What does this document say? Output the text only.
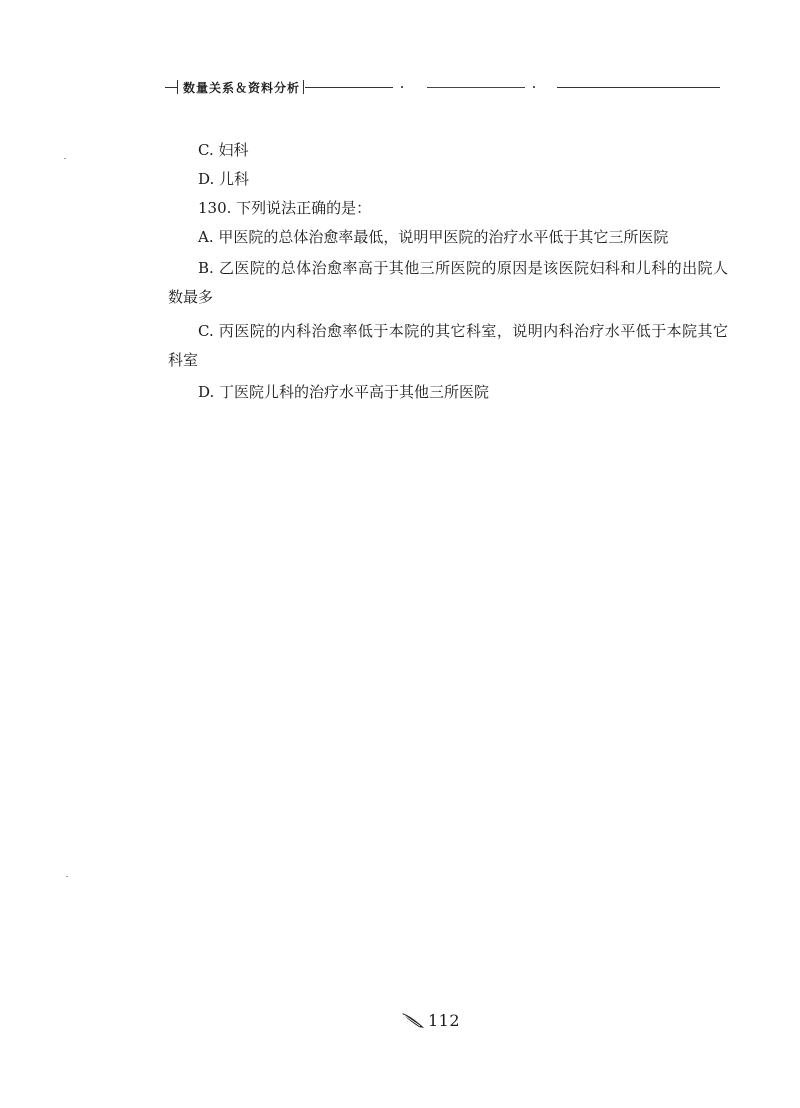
数量关系＆资料分析

C. 妇科

D. 儿科

130. 下列说法正确的是：

A. 甲医院的总体治愈率最低，说明甲医院的治疗水平低于其它三所医院

B. 乙医院的总体治愈率高于其他三所医院的原因是该医院妇科和儿科的出院人数最多

C. 丙医院的内科治愈率低于本院的其它科室，说明内科治疗水平低于本院其它科室

D. 丁医院儿科的治疗水平高于其他三所医院

112
